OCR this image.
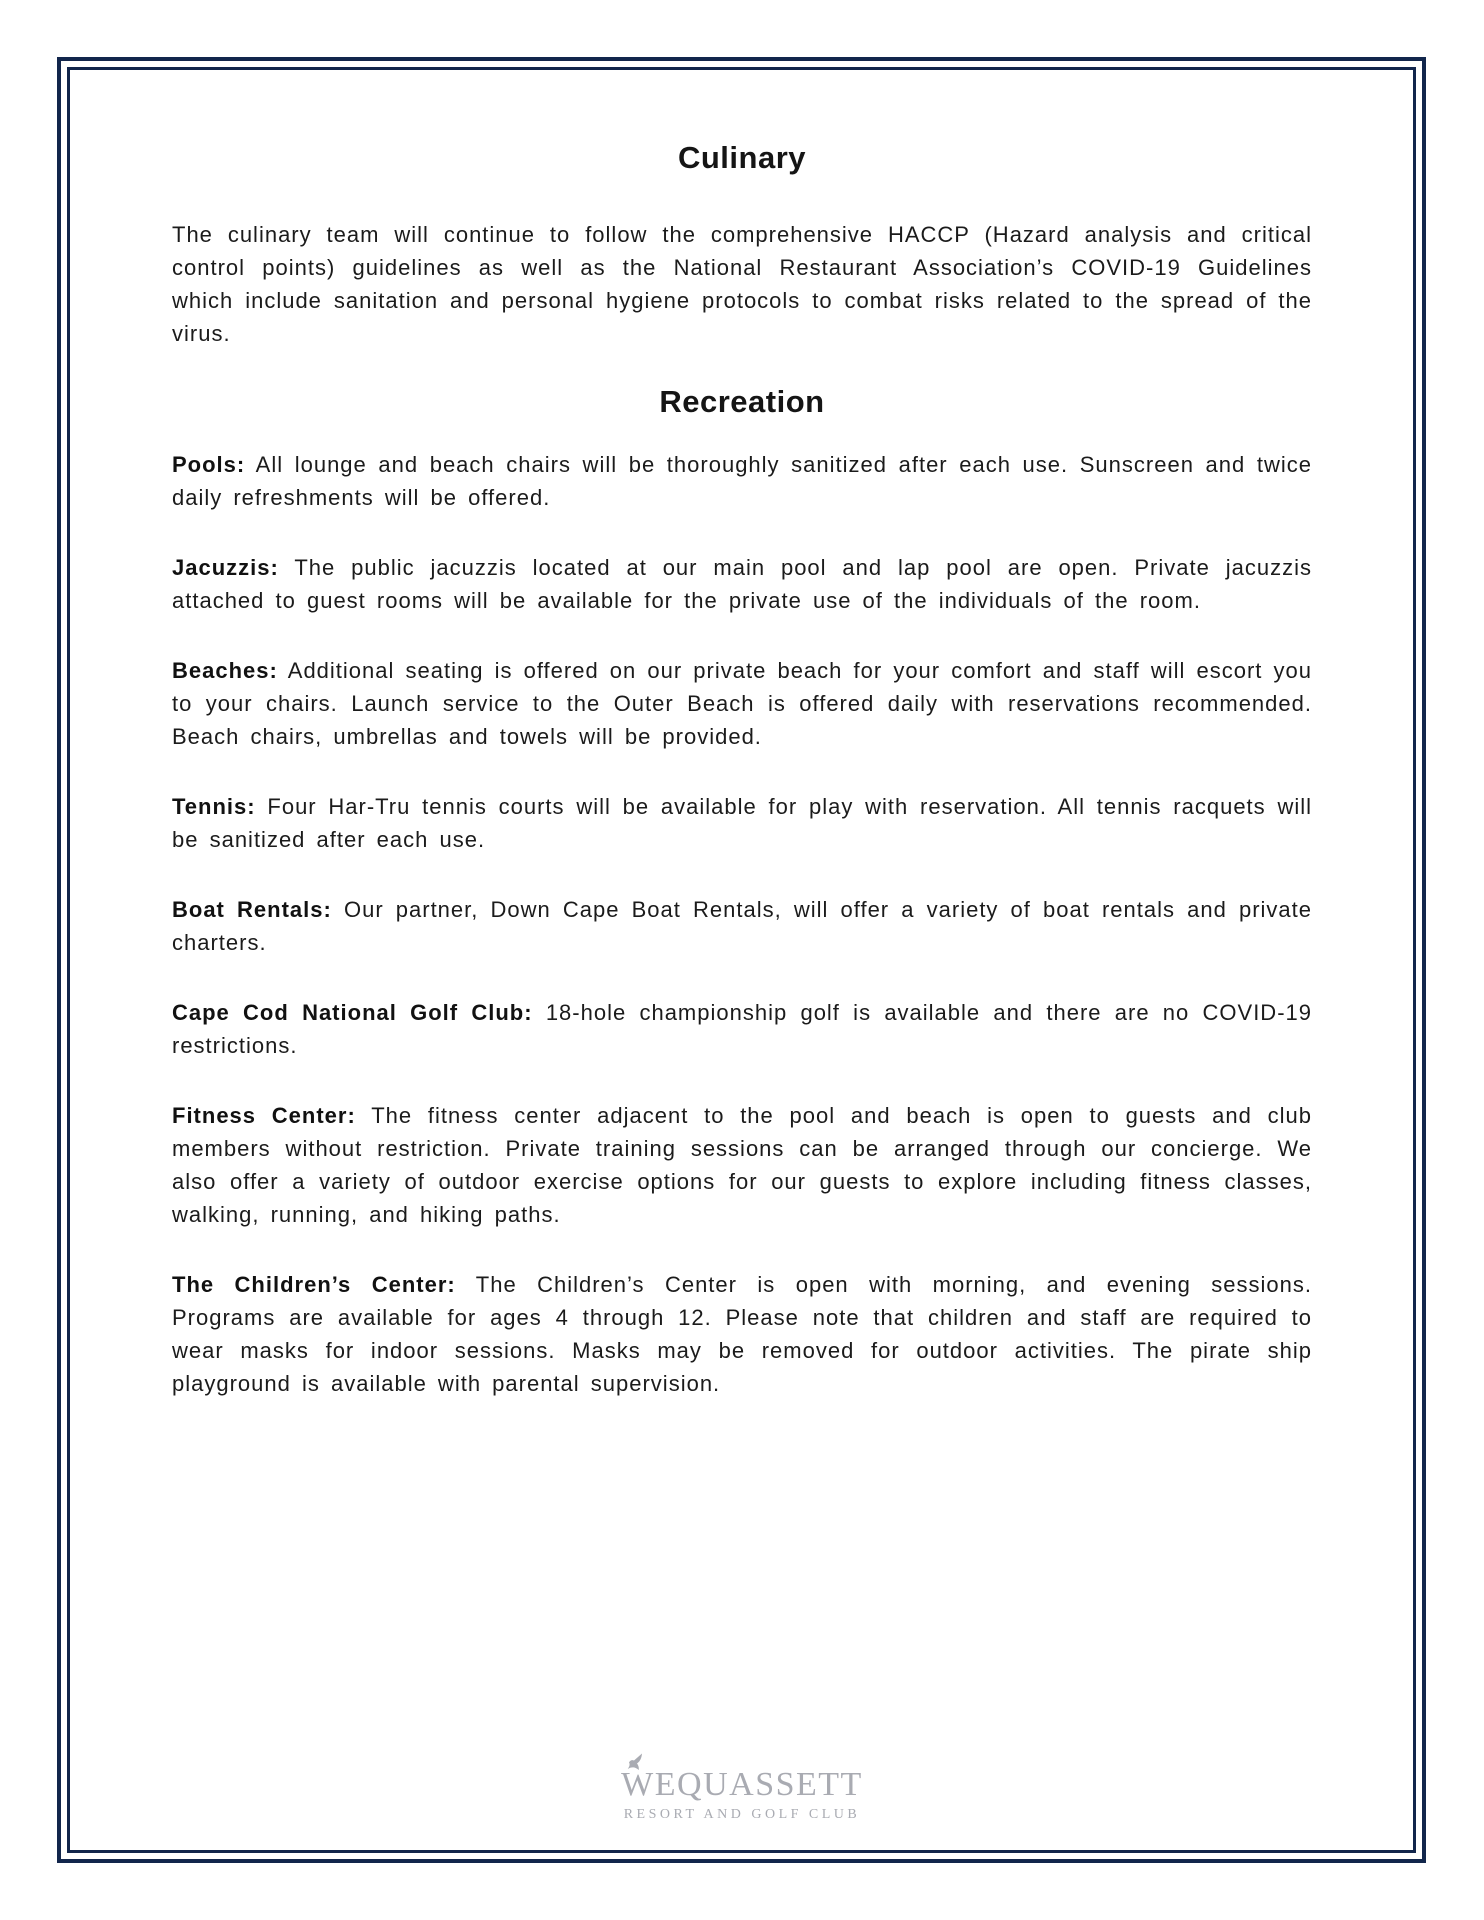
Culinary

The culinary team will continue to follow the comprehensive HACCP (Hazard analysis and critical control points) guidelines as well as the National Restaurant Association’s COVID-19 Guidelines which include sanitation and personal hygiene protocols to combat risks related to the spread of the virus.

Recreation

Pools: All lounge and beach chairs will be thoroughly sanitized after each use. Sunscreen and twice daily refreshments will be offered.

Jacuzzis: The public jacuzzis located at our main pool and lap pool are open. Private jacuzzis attached to guest rooms will be available for the private use of the individuals of the room.

Beaches: Additional seating is offered on our private beach for your comfort and staff will escort you to your chairs. Launch service to the Outer Beach is offered daily with reservations recommended. Beach chairs, umbrellas and towels will be provided.

Tennis: Four Har-Tru tennis courts will be available for play with reservation. All tennis racquets will be sanitized after each use.

Boat Rentals: Our partner, Down Cape Boat Rentals, will offer a variety of boat rentals and private charters.

Cape Cod National Golf Club: 18-hole championship golf is available and there are no COVID-19 restrictions.

Fitness Center: The fitness center adjacent to the pool and beach is open to guests and club members without restriction. Private training sessions can be arranged through our concierge. We also offer a variety of outdoor exercise options for our guests to explore including fitness classes, walking, running, and hiking paths.

The Children’s Center: The Children’s Center is open with morning, and evening sessions. Programs are available for ages 4 through 12. Please note that children and staff are required to wear masks for indoor sessions. Masks may be removed for outdoor activities. The pirate ship playground is available with parental supervision.

WEQUASSETT
RESORT AND GOLF CLUB
